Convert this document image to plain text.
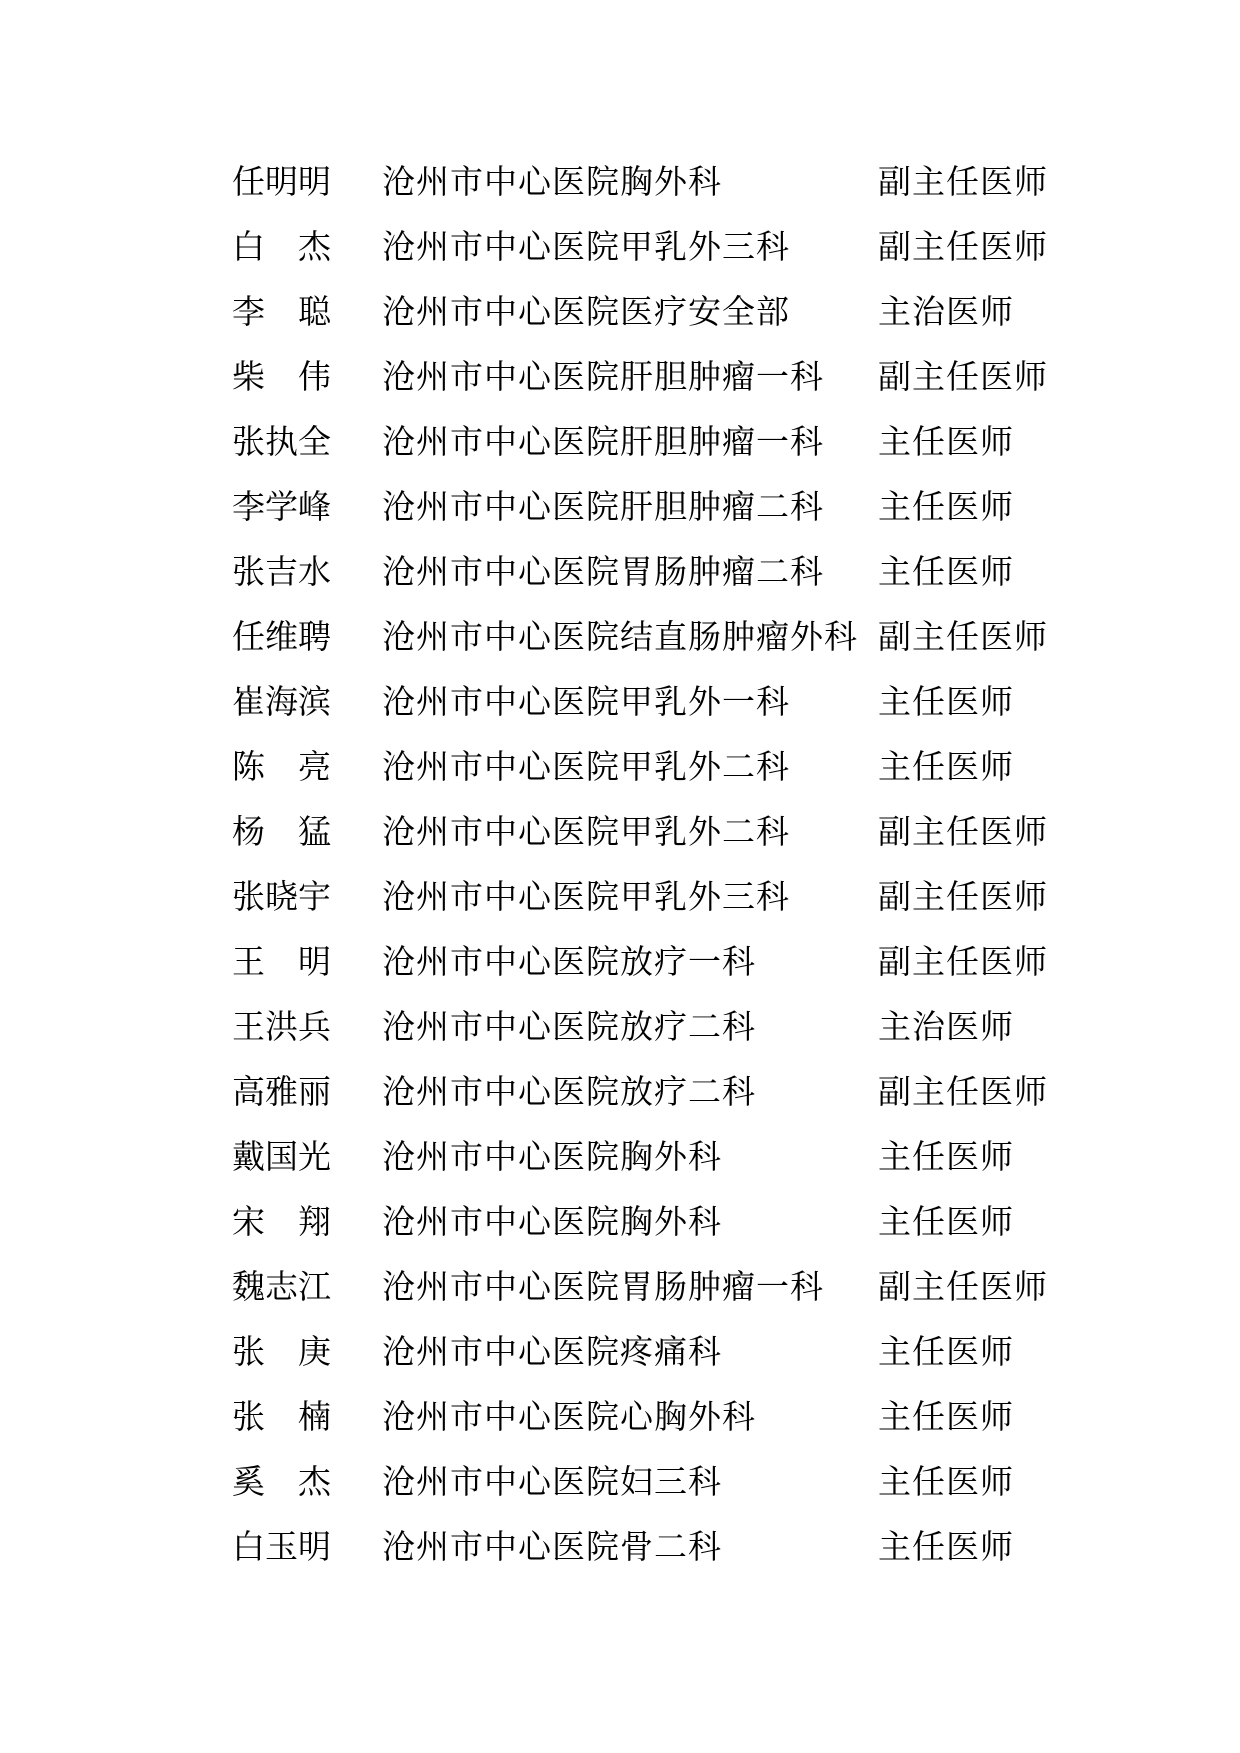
任明明 沧州市中心医院胸外科	副主任医师
白　杰 沧州市中心医院甲乳外三科	副主任医师
李　聪 沧州市中心医院医疗安全部	主治医师
柴　伟 沧州市中心医院肝胆肿瘤一科 副主任医师
张执全 沧州市中心医院肝胆肿瘤一科 主任医师
李学峰 沧州市中心医院肝胆肿瘤二科 主任医师
张吉水 沧州市中心医院胃肠肿瘤二科 主任医师
任维聘 沧州市中心医院结直肠肿瘤外科 副主任医师
崔海滨 沧州市中心医院甲乳外一科	主任医师
陈　亮 沧州市中心医院甲乳外二科	主任医师
杨　猛 沧州市中心医院甲乳外二科	副主任医师
张晓宇 沧州市中心医院甲乳外三科	副主任医师
王　明 沧州市中心医院放疗一科	副主任医师
王洪兵 沧州市中心医院放疗二科	主治医师
高雅丽 沧州市中心医院放疗二科	副主任医师
戴国光 沧州市中心医院胸外科	主任医师
宋　翔 沧州市中心医院胸外科	主任医师
魏志江 沧州市中心医院胃肠肿瘤一科 副主任医师
张　庚 沧州市中心医院疼痛科	主任医师
张　楠 沧州市中心医院心胸外科	主任医师
奚　杰 沧州市中心医院妇三科	主任医师
白玉明 沧州市中心医院骨二科	主任医师
